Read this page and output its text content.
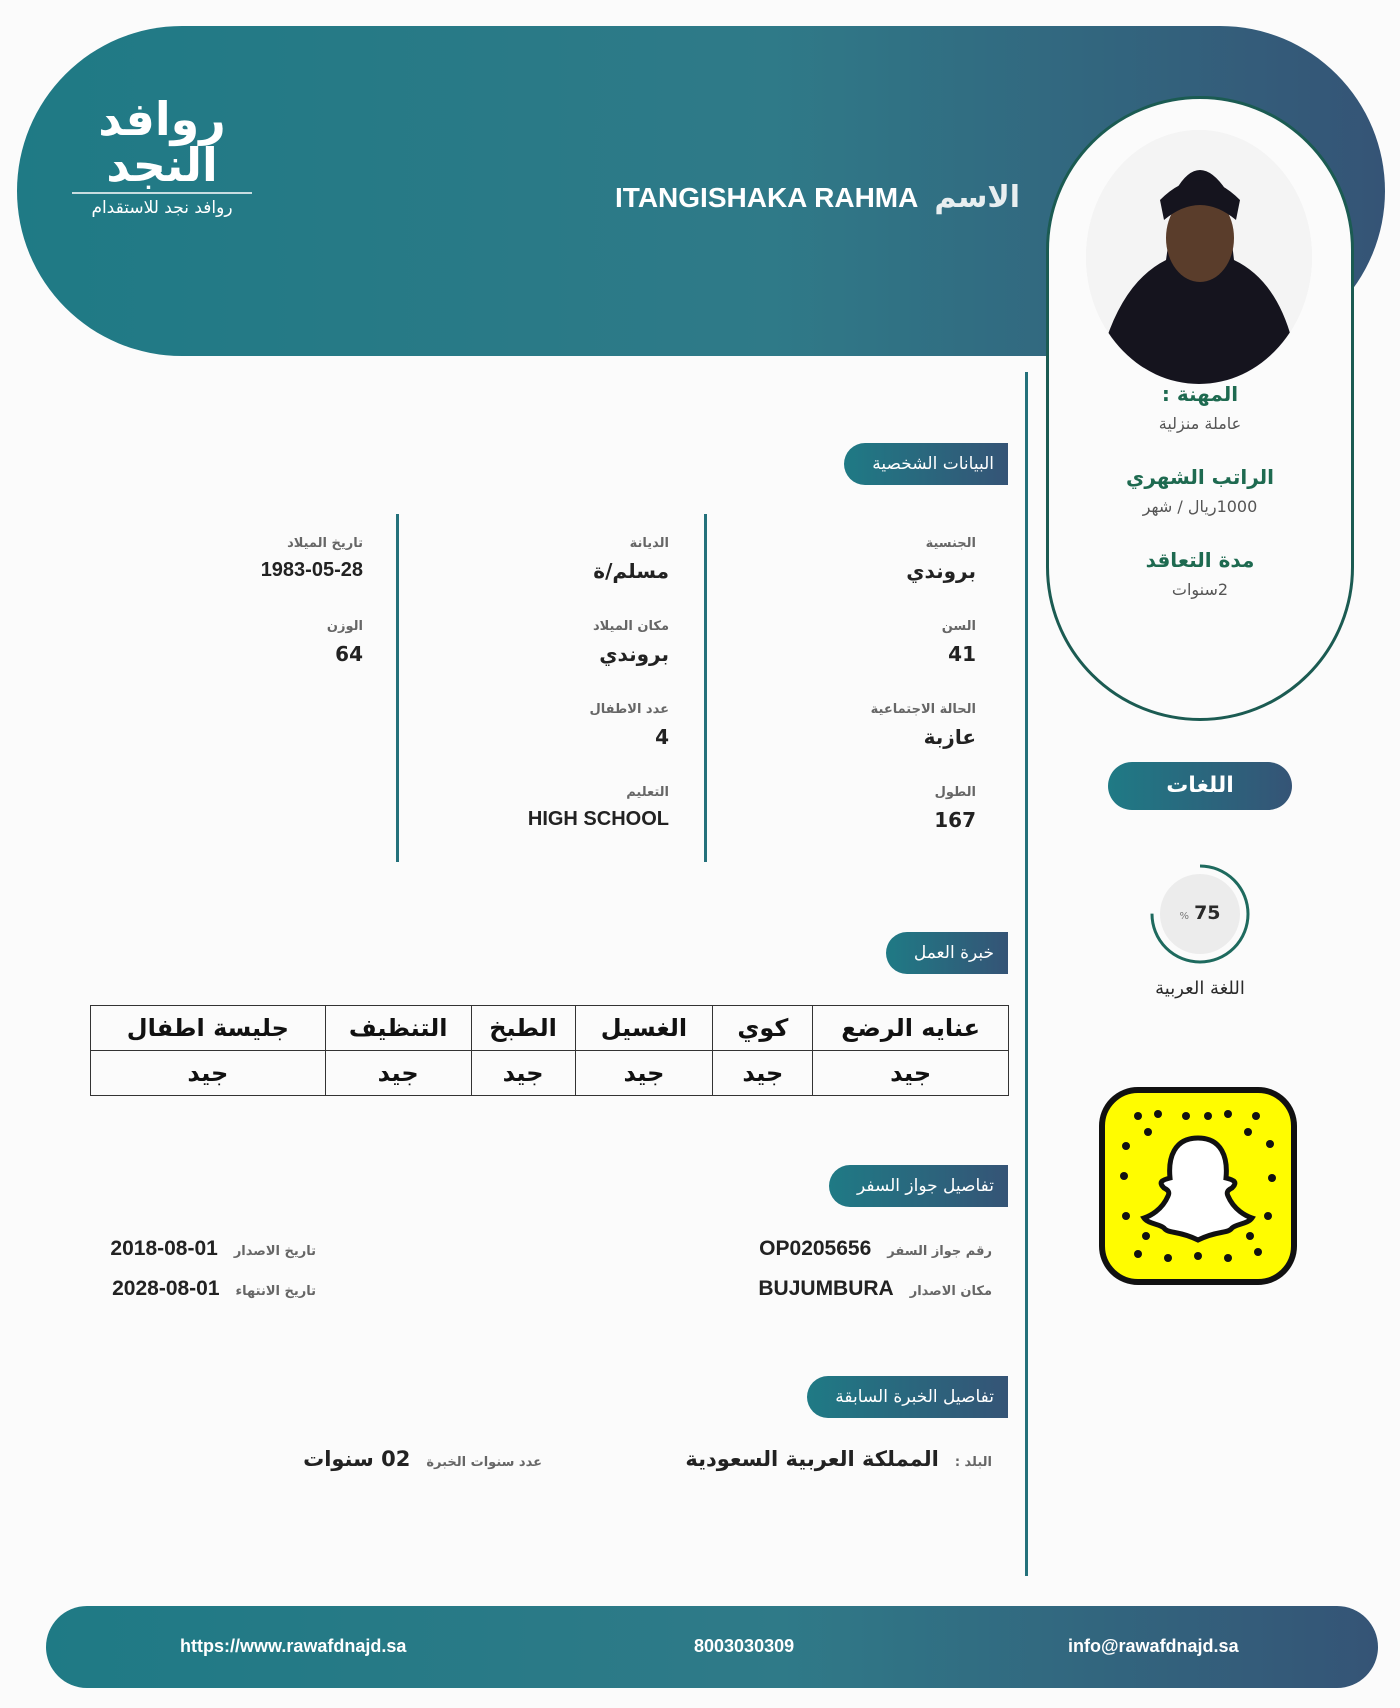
روافد النجد
روافد نجد للاستقدام	الاسم
ITANGISHAKA RAHMA
المهنة :
عاملة منزلية
الراتب الشهري
1000ريال / شهر
مدة التعاقد
2سنوات
اللغات
% 75
اللغة العربية
البيانات الشخصية
الجنسية
بروندي
السن
41
الحالة الاجتماعية
عازبة
الطول
167
الديانة
مسلم/ة
مكان الميلاد
بروندي
عدد الاطفال
4
التعليم
HIGH SCHOOL
تاريخ الميلاد
1983-05-28
الوزن
64
خبرة العمل
عنايه الرضع	كوي	الغسيل	الطبخ	التنظيف	جليسة اطفال
جيد	جيد	جيد	جيد	جيد	جيد
تفاصيل جواز السفر
رقم جواز السفر
OP0205656
مكان الاصدار
BUJUMBURA
تاريخ الاصدار
2018-08-01
تاريخ الانتهاء
2028-08-01
تفاصيل الخبرة السابقة
البلد :
المملكة العربية السعودية
عدد سنوات الخبرة
02 سنوات
https://www.rawafdnajd.sa	8003030309	info@rawafdnajd.sa
